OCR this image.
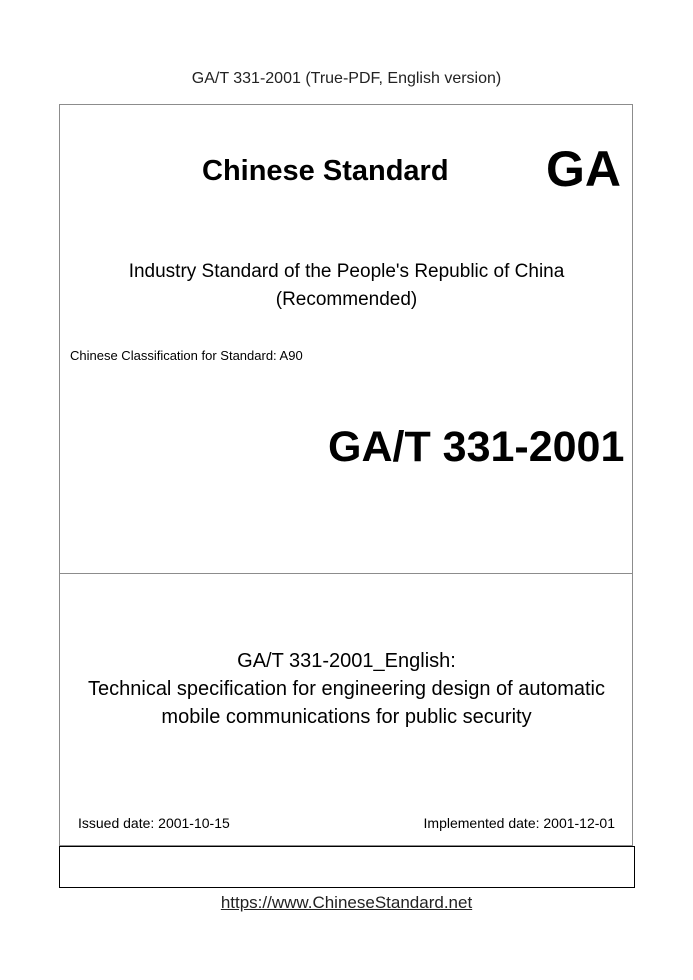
GA/T 331-2001 (True-PDF, English version)
Chinese Standard GA
Industry Standard of the People's Republic of China
(Recommended)
Chinese Classification for Standard: A90
GA/T 331-2001
GA/T 331-2001_English:
Technical specification for engineering design of automatic
mobile communications for public security
Issued date: 2001-10-15	Implemented date: 2001-12-01
https://www.ChineseStandard.net
